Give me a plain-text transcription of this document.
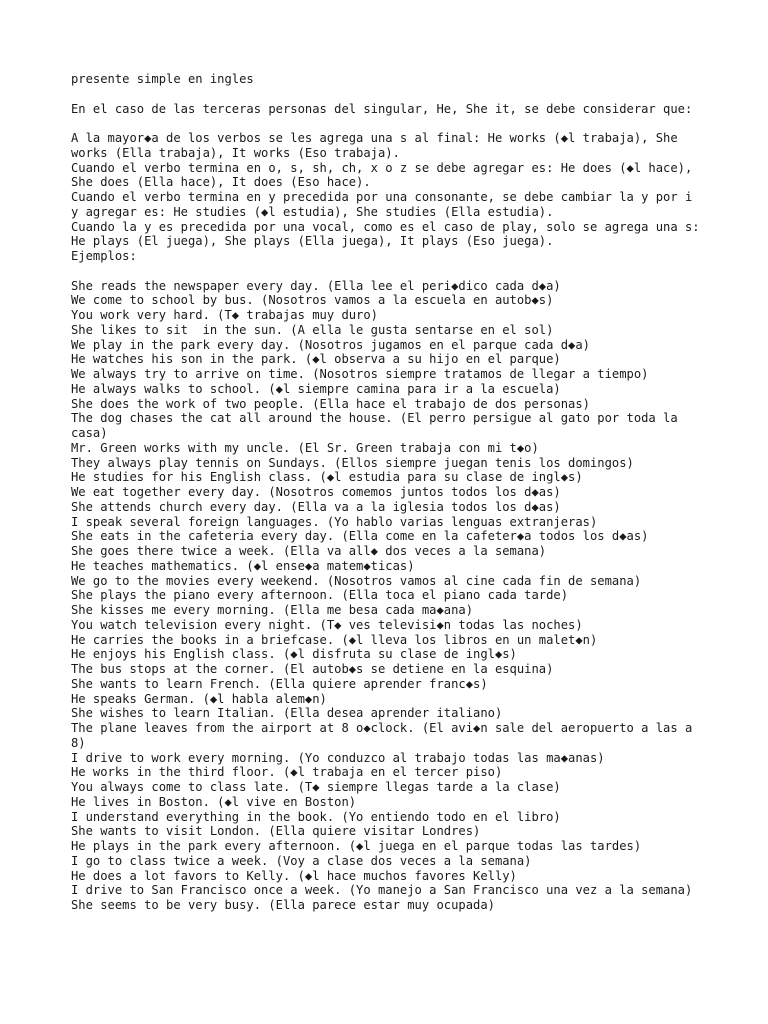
presente simple en ingles

En el caso de las terceras personas del singular, He, She it, se debe considerar que:

A la mayor◆a de los verbos se les agrega una s al final: He works (◆l trabaja), She works (Ella trabaja), It works (Eso trabaja).

Cuando el verbo termina en o, s, sh, ch, x o z se debe agregar es: He does (◆l hace), She does (Ella hace), It does (Eso hace).

Cuando el verbo termina en y precedida por una consonante, se debe cambiar la y por i y agregar es: He studies (◆l estudia), She studies (Ella estudia).

Cuando la y es precedida por una vocal, como es el caso de play, solo se agrega una s: He plays (El juega), She plays (Ella juega), It plays (Eso juega).

Ejemplos:

She reads the newspaper every day. (Ella lee el peri◆dico cada d◆a)

We come to school by bus. (Nosotros vamos a la escuela en autob◆s)

You work very hard. (T◆ trabajas muy duro)

She likes to sit  in the sun. (A ella le gusta sentarse en el sol)

We play in the park every day. (Nosotros jugamos en el parque cada d◆a)

He watches his son in the park. (◆l observa a su hijo en el parque)

We always try to arrive on time. (Nosotros siempre tratamos de llegar a tiempo)

He always walks to school. (◆l siempre camina para ir a la escuela)

She does the work of two people. (Ella hace el trabajo de dos personas)

The dog chases the cat all around the house. (El perro persigue al gato por toda la casa)

Mr. Green works with my uncle. (El Sr. Green trabaja con mi t◆o)

They always play tennis on Sundays. (Ellos siempre juegan tenis los domingos)

He studies for his English class. (◆l estudia para su clase de ingl◆s)

We eat together every day. (Nosotros comemos juntos todos los d◆as)

She attends church every day. (Ella va a la iglesia todos los d◆as)

I speak several foreign languages. (Yo hablo varias lenguas extranjeras)

She eats in the cafeteria every day. (Ella come en la cafeter◆a todos los d◆as)

She goes there twice a week. (Ella va all◆ dos veces a la semana)

He teaches mathematics. (◆l ense◆a matem◆ticas)

We go to the movies every weekend. (Nosotros vamos al cine cada fin de semana)

She plays the piano every afternoon. (Ella toca el piano cada tarde)

She kisses me every morning. (Ella me besa cada ma◆ana)

You watch television every night. (T◆ ves televisi◆n todas las noches)

He carries the books in a briefcase. (◆l lleva los libros en un malet◆n)

He enjoys his English class. (◆l disfruta su clase de ingl◆s)

The bus stops at the corner. (El autob◆s se detiene en la esquina)

She wants to learn French. (Ella quiere aprender franc◆s)

He speaks German. (◆l habla alem◆n)

She wishes to learn Italian. (Ella desea aprender italiano)

The plane leaves from the airport at 8 o◆clock. (El avi◆n sale del aeropuerto a las a 8)

I drive to work every morning. (Yo conduzco al trabajo todas las ma◆anas)

He works in the third floor. (◆l trabaja en el tercer piso)

You always come to class late. (T◆ siempre llegas tarde a la clase)

He lives in Boston. (◆l vive en Boston)

I understand everything in the book. (Yo entiendo todo en el libro)

She wants to visit London. (Ella quiere visitar Londres)

He plays in the park every afternoon. (◆l juega en el parque todas las tardes)

I go to class twice a week. (Voy a clase dos veces a la semana)

He does a lot favors to Kelly. (◆l hace muchos favores Kelly)

I drive to San Francisco once a week. (Yo manejo a San Francisco una vez a la semana)

She seems to be very busy. (Ella parece estar muy ocupada)
